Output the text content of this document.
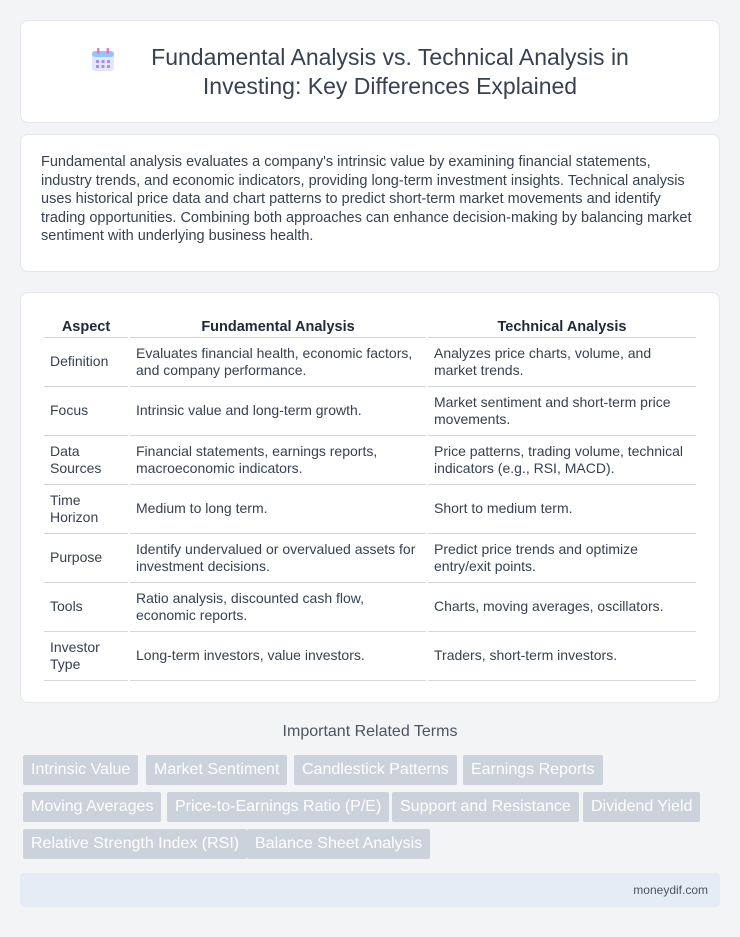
Fundamental Analysis vs. Technical Analysis in Investing: Key Differences Explained

Fundamental analysis evaluates a company's intrinsic value by examining financial statements, industry trends, and economic indicators, providing long-term investment insights. Technical analysis uses historical price data and chart patterns to predict short-term market movements and identify trading opportunities. Combining both approaches can enhance decision-making by balancing market sentiment with underlying business health.

Aspect	Fundamental Analysis	Technical Analysis
Definition	Evaluates financial health, economic factors, and company performance.	Analyzes price charts, volume, and market trends.
Focus	Intrinsic value and long-term growth.	Market sentiment and short-term price movements.
Data Sources	Financial statements, earnings reports, macroeconomic indicators.	Price patterns, trading volume, technical indicators (e.g., RSI, MACD).
Time Horizon	Medium to long term.	Short to medium term.
Purpose	Identify undervalued or overvalued assets for investment decisions.	Predict price trends and optimize entry/exit points.
Tools	Ratio analysis, discounted cash flow, economic reports.	Charts, moving averages, oscillators.
Investor Type	Long-term investors, value investors.	Traders, short-term investors.
Important Related Terms
Intrinsic Value	Market Sentiment	Candlestick Patterns	Earnings Reports
Moving Averages	Price-to-Earnings Ratio (P/E)	Support and Resistance	Dividend Yield
Relative Strength Index (RSI) Balance Sheet Analysis
moneydif.com
